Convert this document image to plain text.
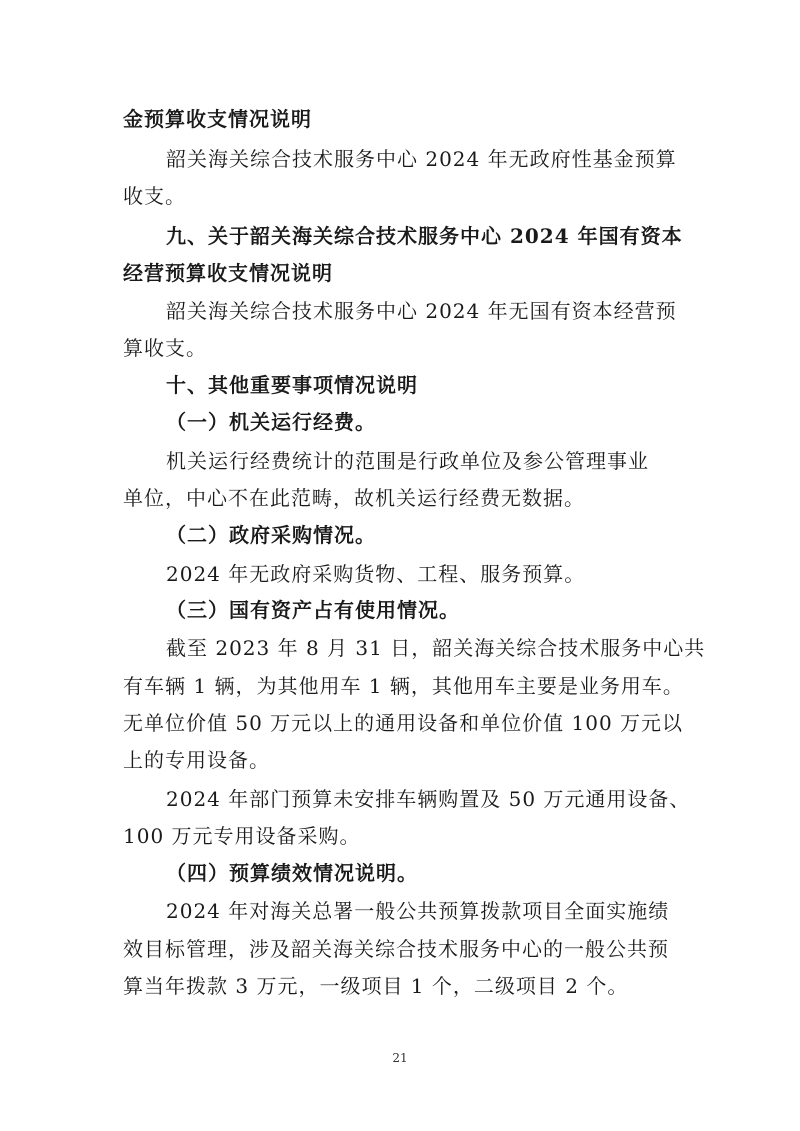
金预算收支情况说明
韶关海关综合技术服务中心 2024 年无政府性基金预算
收支。
九、关于韶关海关综合技术服务中心 2024 年国有资本
经营预算收支情况说明
韶关海关综合技术服务中心 2024 年无国有资本经营预
算收支。
十、其他重要事项情况说明
（一）机关运行经费。
机关运行经费统计的范围是行政单位及参公管理事业
单位，中心不在此范畴，故机关运行经费无数据。
（二）政府采购情况。
2024 年无政府采购货物、工程、服务预算。
（三）国有资产占有使用情况。
截至 2023 年 8 月 31 日，韶关海关综合技术服务中心共
有车辆 1 辆，为其他用车 1 辆，其他用车主要是业务用车。
无单位价值 50 万元以上的通用设备和单位价值 100 万元以
上的专用设备。
2024 年部门预算未安排车辆购置及 50 万元通用设备、
100 万元专用设备采购。
（四）预算绩效情况说明。
2024 年对海关总署一般公共预算拨款项目全面实施绩
效目标管理，涉及韶关海关综合技术服务中心的一般公共预
算当年拨款 3 万元，一级项目 1 个，二级项目 2 个。
21
